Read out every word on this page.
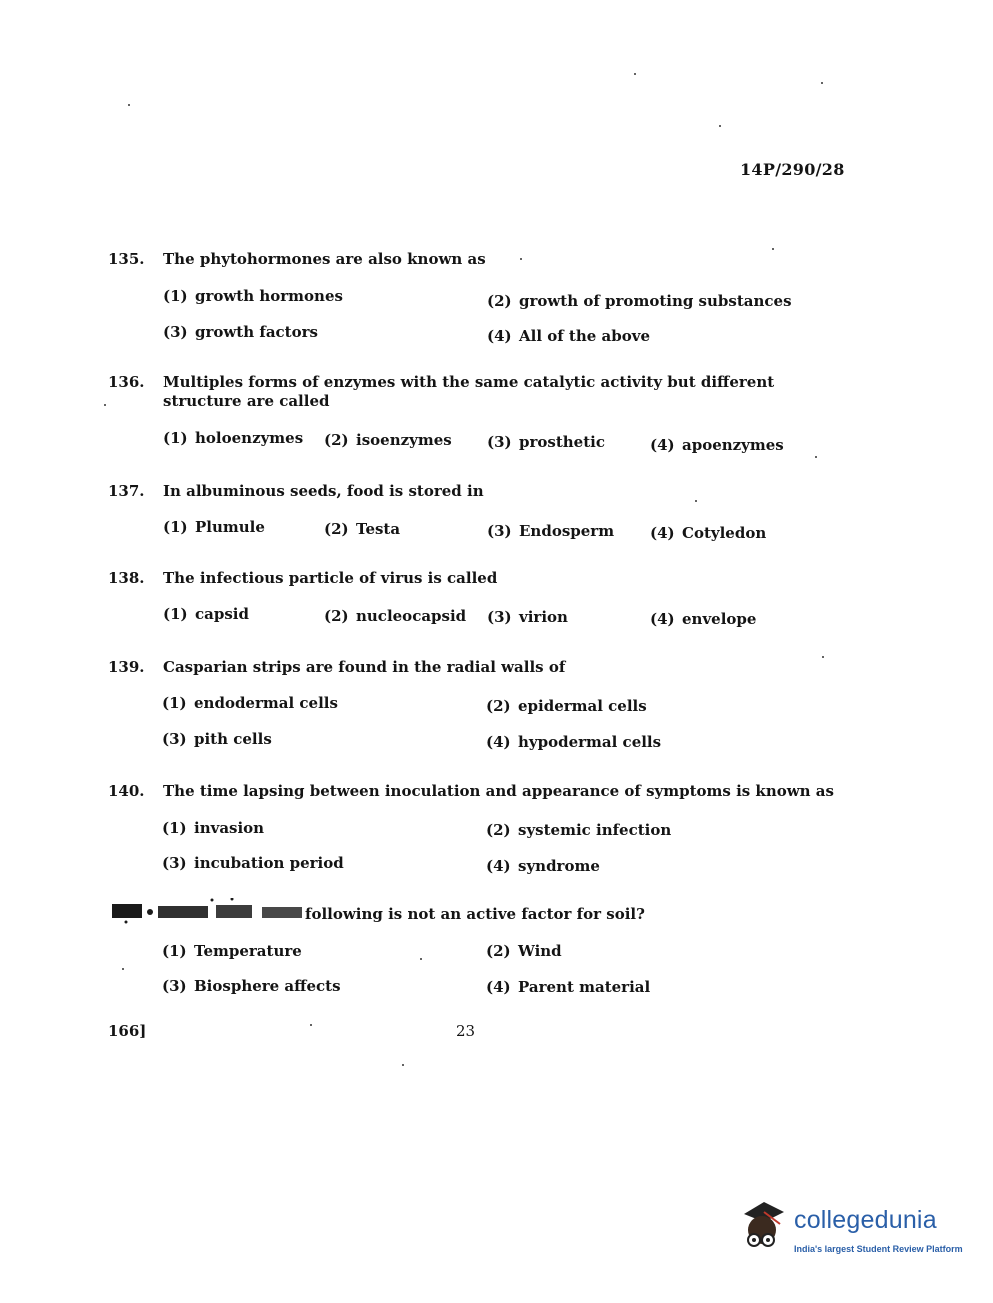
14P/290/28
135. The phytohormones are also known as
(1) growth hormones	(2) growth of promoting substances
(3) growth factors	(4) All of the above
136. Multiples forms of enzymes with the same catalytic activity but different structure are called
(1) holoenzymes (2) isoenzymes (3) prosthetic	(4) apoenzymes
137. In albuminous seeds, food is stored in
(1) Plumule	(2) Testa	(3) Endosperm (4) Cotyledon
138. The infectious particle of virus is called
(1) capsid	(2) nucleocapsid (3) virion	(4) envelope
139. Casparian strips are found in the radial walls of
(1) endodermal cells	(2) epidermal cells
(3) pith cells	(4) hypodermal cells
140. The time lapsing between inoculation and appearance of symptoms is known as
(1) invasion	(2) systemic infection
(3) incubation period	(4) syndrome
following is not an active factor for soil?
(1) Temperature	(2) Wind
(3) Biosphere affects	(4) Parent material
166]	23
collegedunia
India's largest Student Review Platform
